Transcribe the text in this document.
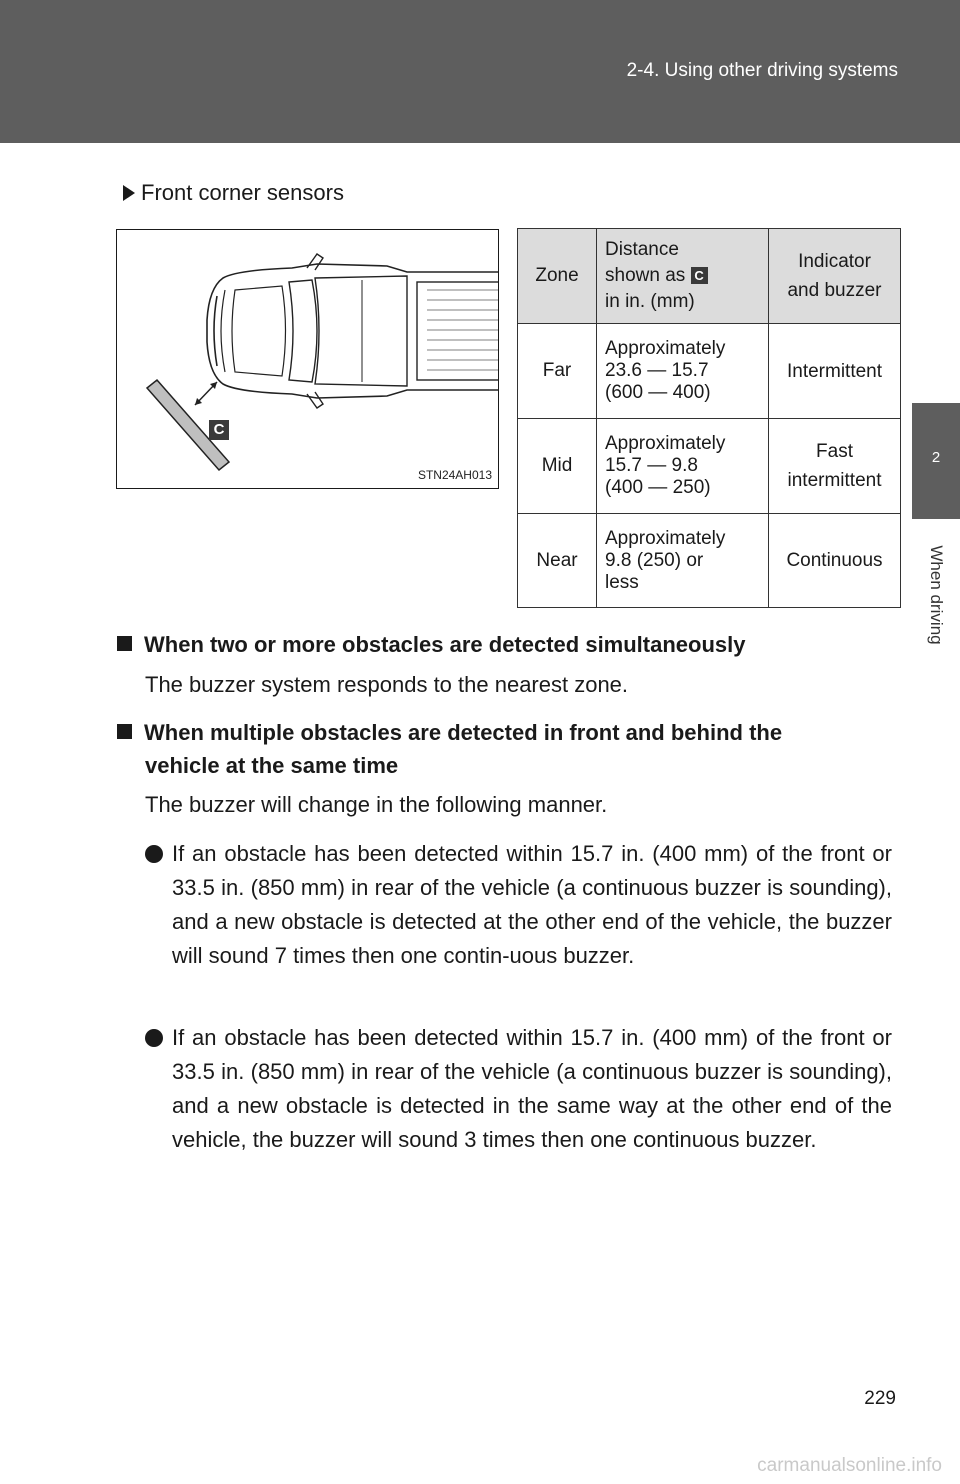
2-4. Using other driving systems
2
When driving
Front corner sensors
C
STN24AH013
Zone	Distance
shown as C
in in. (mm)	Indicator
and buzzer
Far	Approximately
23.6 — 15.7
(600 — 400)	Intermittent
Mid	Approximately
15.7 — 9.8
(400 — 250)	Fast
intermittent
Near	Approximately
9.8 (250) or
less	Continuous
When two or more obstacles are detected simultaneously
The buzzer system responds to the nearest zone.
When multiple obstacles are detected in front and behind the
vehicle at the same time
The buzzer will change in the following manner.
If an obstacle has been detected within 15.7 in. (400 mm) of the front or 33.5 in. (850 mm) in rear of the vehicle (a continuous buzzer is sounding), and a new obstacle is detected at the other end of the vehicle, the buzzer will sound 7 times then one contin-uous buzzer.
If an obstacle has been detected within 15.7 in. (400 mm) of the front or 33.5 in. (850 mm) in rear of the vehicle (a continuous buzzer is sounding), and a new obstacle is detected in the same way at the other end of the vehicle, the buzzer will sound 3 times then one continuous buzzer.
229
carmanualsonline.info
